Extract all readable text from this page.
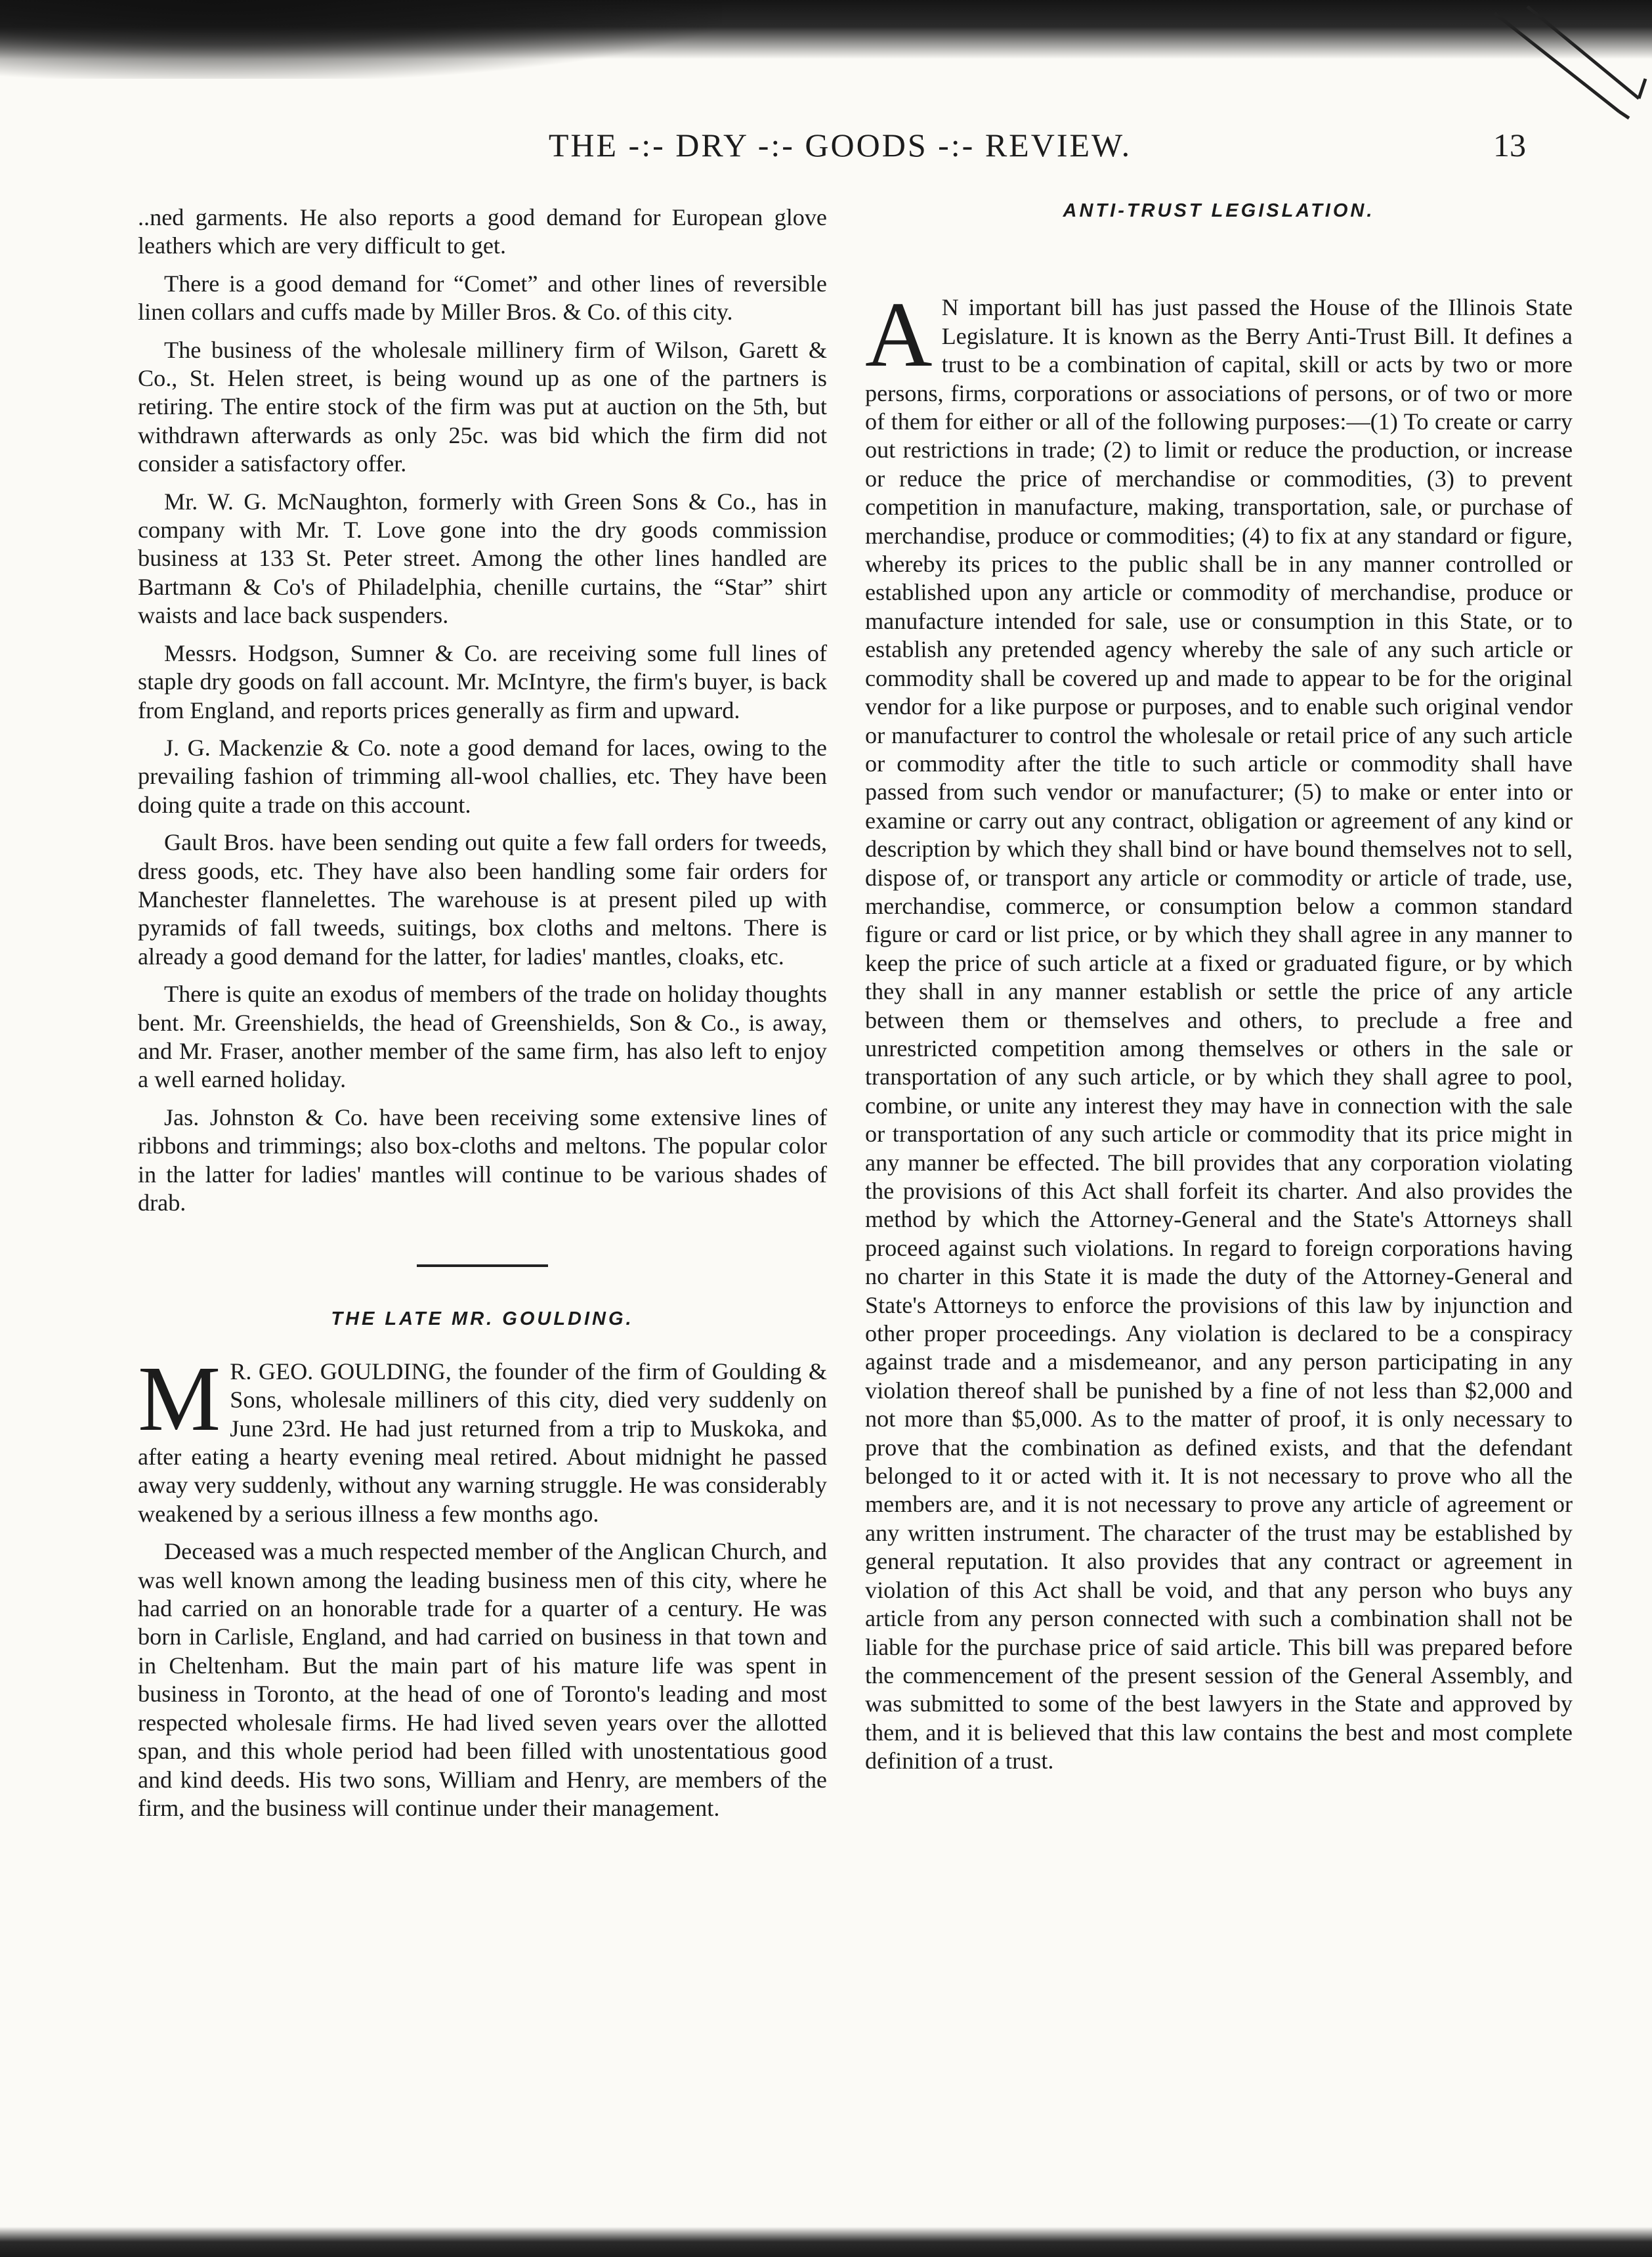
THE -:- DRY -:- GOODS -:- REVIEW.	13

..ned garments. He also reports a good demand for European glove leathers which are very difficult to get.

There is a good demand for “Comet” and other lines of reversible linen collars and cuffs made by Miller Bros. & Co. of this city.

The business of the wholesale millinery firm of Wilson, Garett & Co., St. Helen street, is being wound up as one of the partners is retiring. The entire stock of the firm was put at auction on the 5th, but withdrawn afterwards as only 25c. was bid which the firm did not consider a satisfactory offer.

Mr. W. G. McNaughton, formerly with Green Sons & Co., has in company with Mr. T. Love gone into the dry goods commission business at 133 St. Peter street. Among the other lines handled are Bartmann & Co's of Philadelphia, chenille curtains, the “Star” shirt waists and lace back suspenders.

Messrs. Hodgson, Sumner & Co. are receiving some full lines of staple dry goods on fall account. Mr. McIntyre, the firm's buyer, is back from England, and reports prices generally as firm and upward.

J. G. Mackenzie & Co. note a good demand for laces, owing to the prevailing fashion of trimming all-wool challies, etc. They have been doing quite a trade on this account.

Gault Bros. have been sending out quite a few fall orders for tweeds, dress goods, etc. They have also been handling some fair orders for Manchester flannelettes. The warehouse is at present piled up with pyramids of fall tweeds, suitings, box cloths and meltons. There is already a good demand for the latter, for ladies' mantles, cloaks, etc.

There is quite an exodus of members of the trade on holiday thoughts bent. Mr. Greenshields, the head of Greenshields, Son & Co., is away, and Mr. Fraser, another member of the same firm, has also left to enjoy a well earned holiday.

Jas. Johnston & Co. have been receiving some extensive lines of ribbons and trimmings; also box-cloths and meltons. The popular color in the latter for ladies' mantles will continue to be various shades of drab.

THE LATE MR. GOULDING.

M R. GEO. GOULDING, the founder of the firm of Goulding & Sons, wholesale milliners of this city, died very suddenly on June 23rd. He had just returned from a trip to Muskoka, and after eating a hearty evening meal retired. About midnight he passed away very suddenly, without any warning struggle. He was considerably weakened by a serious illness a few months ago.

Deceased was a much respected member of the Anglican Church, and was well known among the leading business men of this city, where he had carried on an honorable trade for a quarter of a century. He was born in Carlisle, England, and had carried on business in that town and in Cheltenham. But the main part of his mature life was spent in business in Toronto, at the head of one of Toronto's leading and most respected wholesale firms. He had lived seven years over the allotted span, and this whole period had been filled with unostentatious good and kind deeds. His two sons, William and Henry, are members of the firm, and the business will continue under their management.

ANTI-TRUST LEGISLATION.

A N important bill has just passed the House of the Illinois State Legislature. It is known as the Berry Anti-Trust Bill. It defines a trust to be a combination of capital, skill or acts by two or more persons, firms, corporations or associations of persons, or of two or more of them for either or all of the following purposes:—(1) To create or carry out restrictions in trade; (2) to limit or reduce the production, or increase or reduce the price of merchandise or commodities, (3) to prevent competition in manufacture, making, transportation, sale, or purchase of merchandise, produce or commodities; (4) to fix at any standard or figure, whereby its prices to the public shall be in any manner controlled or established upon any article or commodity of merchandise, produce or manufacture intended for sale, use or consumption in this State, or to establish any pretended agency whereby the sale of any such article or commodity shall be covered up and made to appear to be for the original vendor for a like purpose or purposes, and to enable such original vendor or manufacturer to control the wholesale or retail price of any such article or commodity after the title to such article or commodity shall have passed from such vendor or manufacturer; (5) to make or enter into or examine or carry out any contract, obligation or agreement of any kind or description by which they shall bind or have bound themselves not to sell, dispose of, or transport any article or commodity or article of trade, use, merchandise, commerce, or consumption below a common standard figure or card or list price, or by which they shall agree in any manner to keep the price of such article at a fixed or graduated figure, or by which they shall in any manner establish or settle the price of any article between them or themselves and others, to preclude a free and unrestricted competition among themselves or others in the sale or transportation of any such article, or by which they shall agree to pool, combine, or unite any interest they may have in connection with the sale or transportation of any such article or commodity that its price might in any manner be effected. The bill provides that any corporation violating the provisions of this Act shall forfeit its charter. And also provides the method by which the Attorney-General and the State's Attorneys shall proceed against such violations. In regard to foreign corporations having no charter in this State it is made the duty of the Attorney-General and State's Attorneys to enforce the provisions of this law by injunction and other proper proceedings. Any violation is declared to be a conspiracy against trade and a misdemeanor, and any person participating in any violation thereof shall be punished by a fine of not less than $2,000 and not more than $5,000. As to the matter of proof, it is only necessary to prove that the combination as defined exists, and that the defendant belonged to it or acted with it. It is not necessary to prove who all the members are, and it is not necessary to prove any article of agreement or any written instrument. The character of the trust may be established by general reputation. It also provides that any contract or agreement in violation of this Act shall be void, and that any person who buys any article from any person connected with such a combination shall not be liable for the purchase price of said article. This bill was prepared before the commencement of the present session of the General Assembly, and was submitted to some of the best lawyers in the State and approved by them, and it is believed that this law contains the best and most complete definition of a trust.
